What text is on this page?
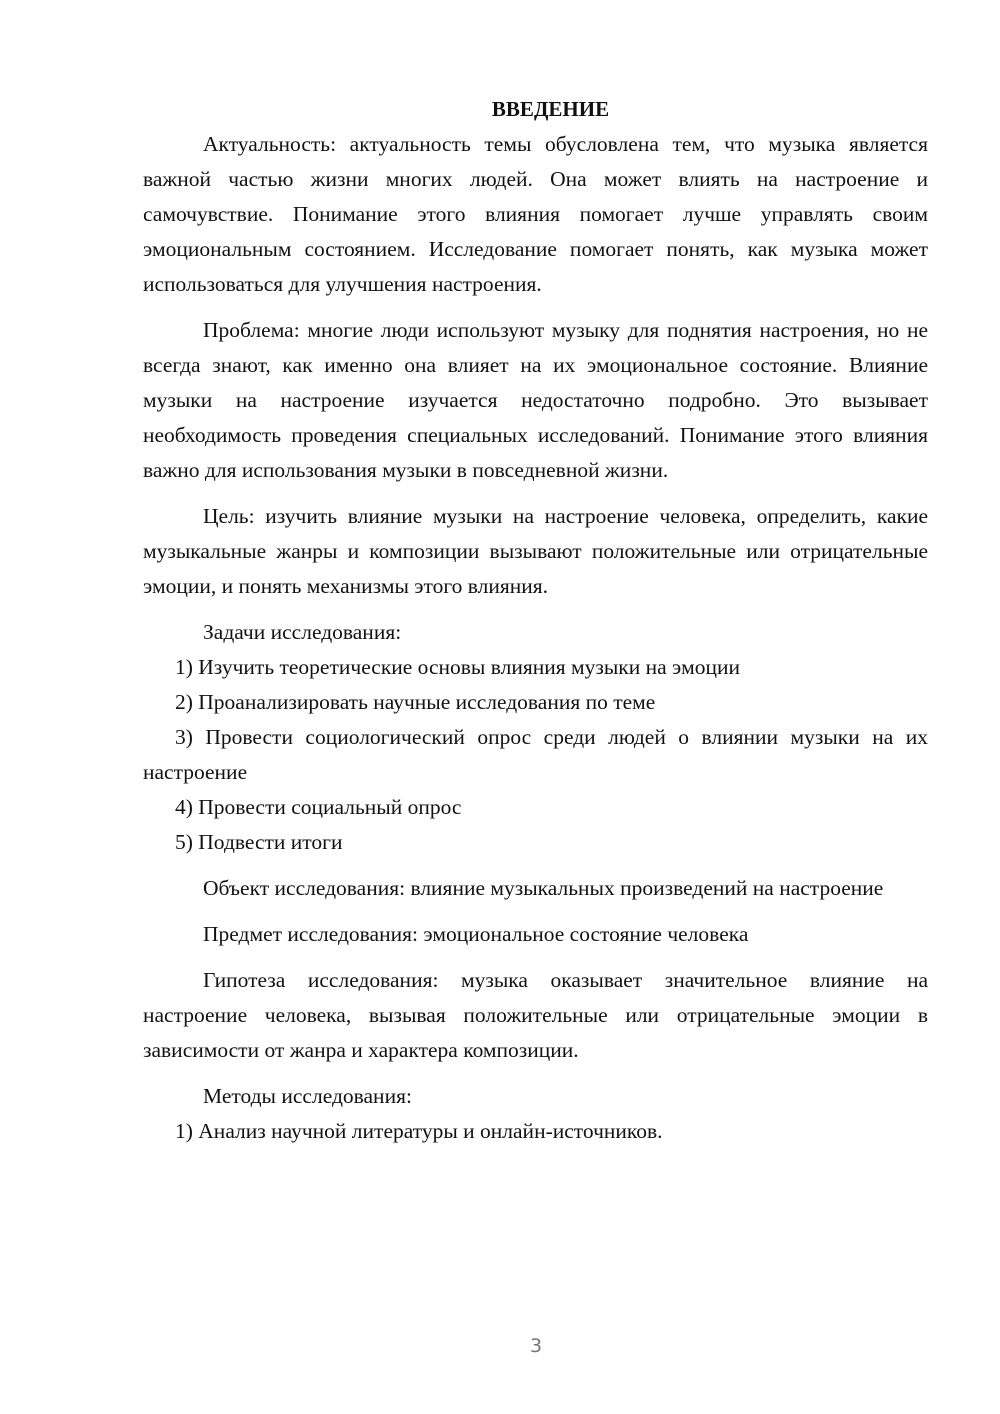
ВВЕДЕНИЕ

Актуальность: актуальность темы обусловлена тем, что музыка является важной частью жизни многих людей. Она может влиять на настроение и самочувствие. Понимание этого влияния помогает лучше управлять своим эмоциональным состоянием. Исследование помогает понять, как музыка может использоваться для улучшения настроения.

Проблема: многие люди используют музыку для поднятия настроения, но не всегда знают, как именно она влияет на их эмоциональное состояние. Влияние музыки на настроение изучается недостаточно подробно. Это вызывает необходимость проведения специальных исследований. Понимание этого влияния важно для использования музыки в повседневной жизни.

Цель: изучить влияние музыки на настроение человека, определить, какие музыкальные жанры и композиции вызывают положительные или отрицательные эмоции, и понять механизмы этого влияния.

Задачи исследования:

1) Изучить теоретические основы влияния музыки на эмоции

2) Проанализировать научные исследования по теме

3) Провести социологический опрос среди людей о влиянии музыки на их настроение

4) Провести социальный опрос

5) Подвести итоги

Объект исследования: влияние музыкальных произведений на настроение

Предмет исследования: эмоциональное состояние человека

Гипотеза исследования: музыка оказывает значительное влияние на настроение человека, вызывая положительные или отрицательные эмоции в зависимости от жанра и характера композиции.

Методы исследования:

1) Анализ научной литературы и онлайн-источников.

3
